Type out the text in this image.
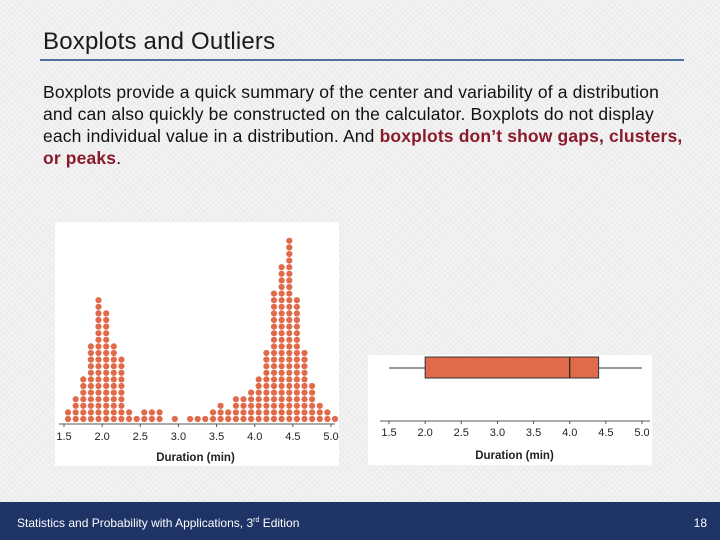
Boxplots and Outliers
Boxplots provide a quick summary of the center and variability of a distribution and can also quickly be constructed on the calculator. Boxplots do not display each individual value in a distribution. And boxplots don’t show gaps, clusters, or peaks.
1.5 2.0 2.5 3.0 3.5 4.0 4.5 5.0
Duration (min)
1.5 2.0 2.5 3.0 3.5 4.0 4.5 5.0
Duration (min)
Statistics and Probability with Applications, 3rd Edition	18
